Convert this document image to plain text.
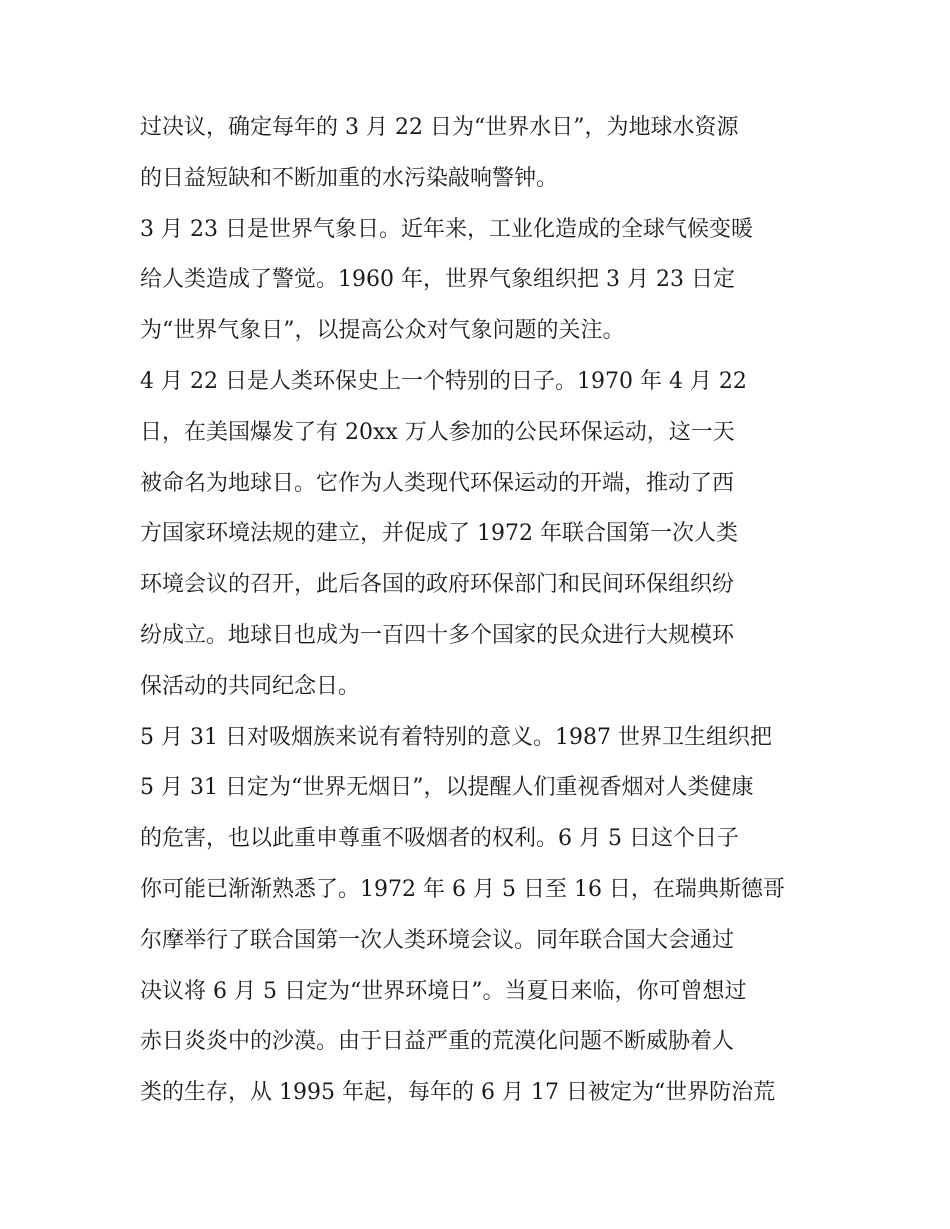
过决议，确定每年的 3 月 22 日为“世界水日”，为地球水资源
的日益短缺和不断加重的水污染敲响警钟。
3 月 23 日是世界气象日。近年来，工业化造成的全球气候变暖
给人类造成了警觉。1960 年，世界气象组织把 3 月 23 日定
为“世界气象日”，以提高公众对气象问题的关注。
4 月 22 日是人类环保史上一个特别的日子。1970 年 4 月 22
日，在美国爆发了有 20xx 万人参加的公民环保运动，这一天
被命名为地球日。它作为人类现代环保运动的开端，推动了西
方国家环境法规的建立，并促成了 1972 年联合国第一次人类
环境会议的召开，此后各国的政府环保部门和民间环保组织纷
纷成立。地球日也成为一百四十多个国家的民众进行大规模环
保活动的共同纪念日。
5 月 31 日对吸烟族来说有着特别的意义。1987 世界卫生组织把
5 月 31 日定为“世界无烟日”，以提醒人们重视香烟对人类健康
的危害，也以此重申尊重不吸烟者的权利。6 月 5 日这个日子
你可能已渐渐熟悉了。1972 年 6 月 5 日至 16 日，在瑞典斯德哥
尔摩举行了联合国第一次人类环境会议。同年联合国大会通过
决议将 6 月 5 日定为“世界环境日”。当夏日来临，你可曾想过
赤日炎炎中的沙漠。由于日益严重的荒漠化问题不断威胁着人
类的生存，从 1995 年起，每年的 6 月 17 日被定为“世界防治荒
